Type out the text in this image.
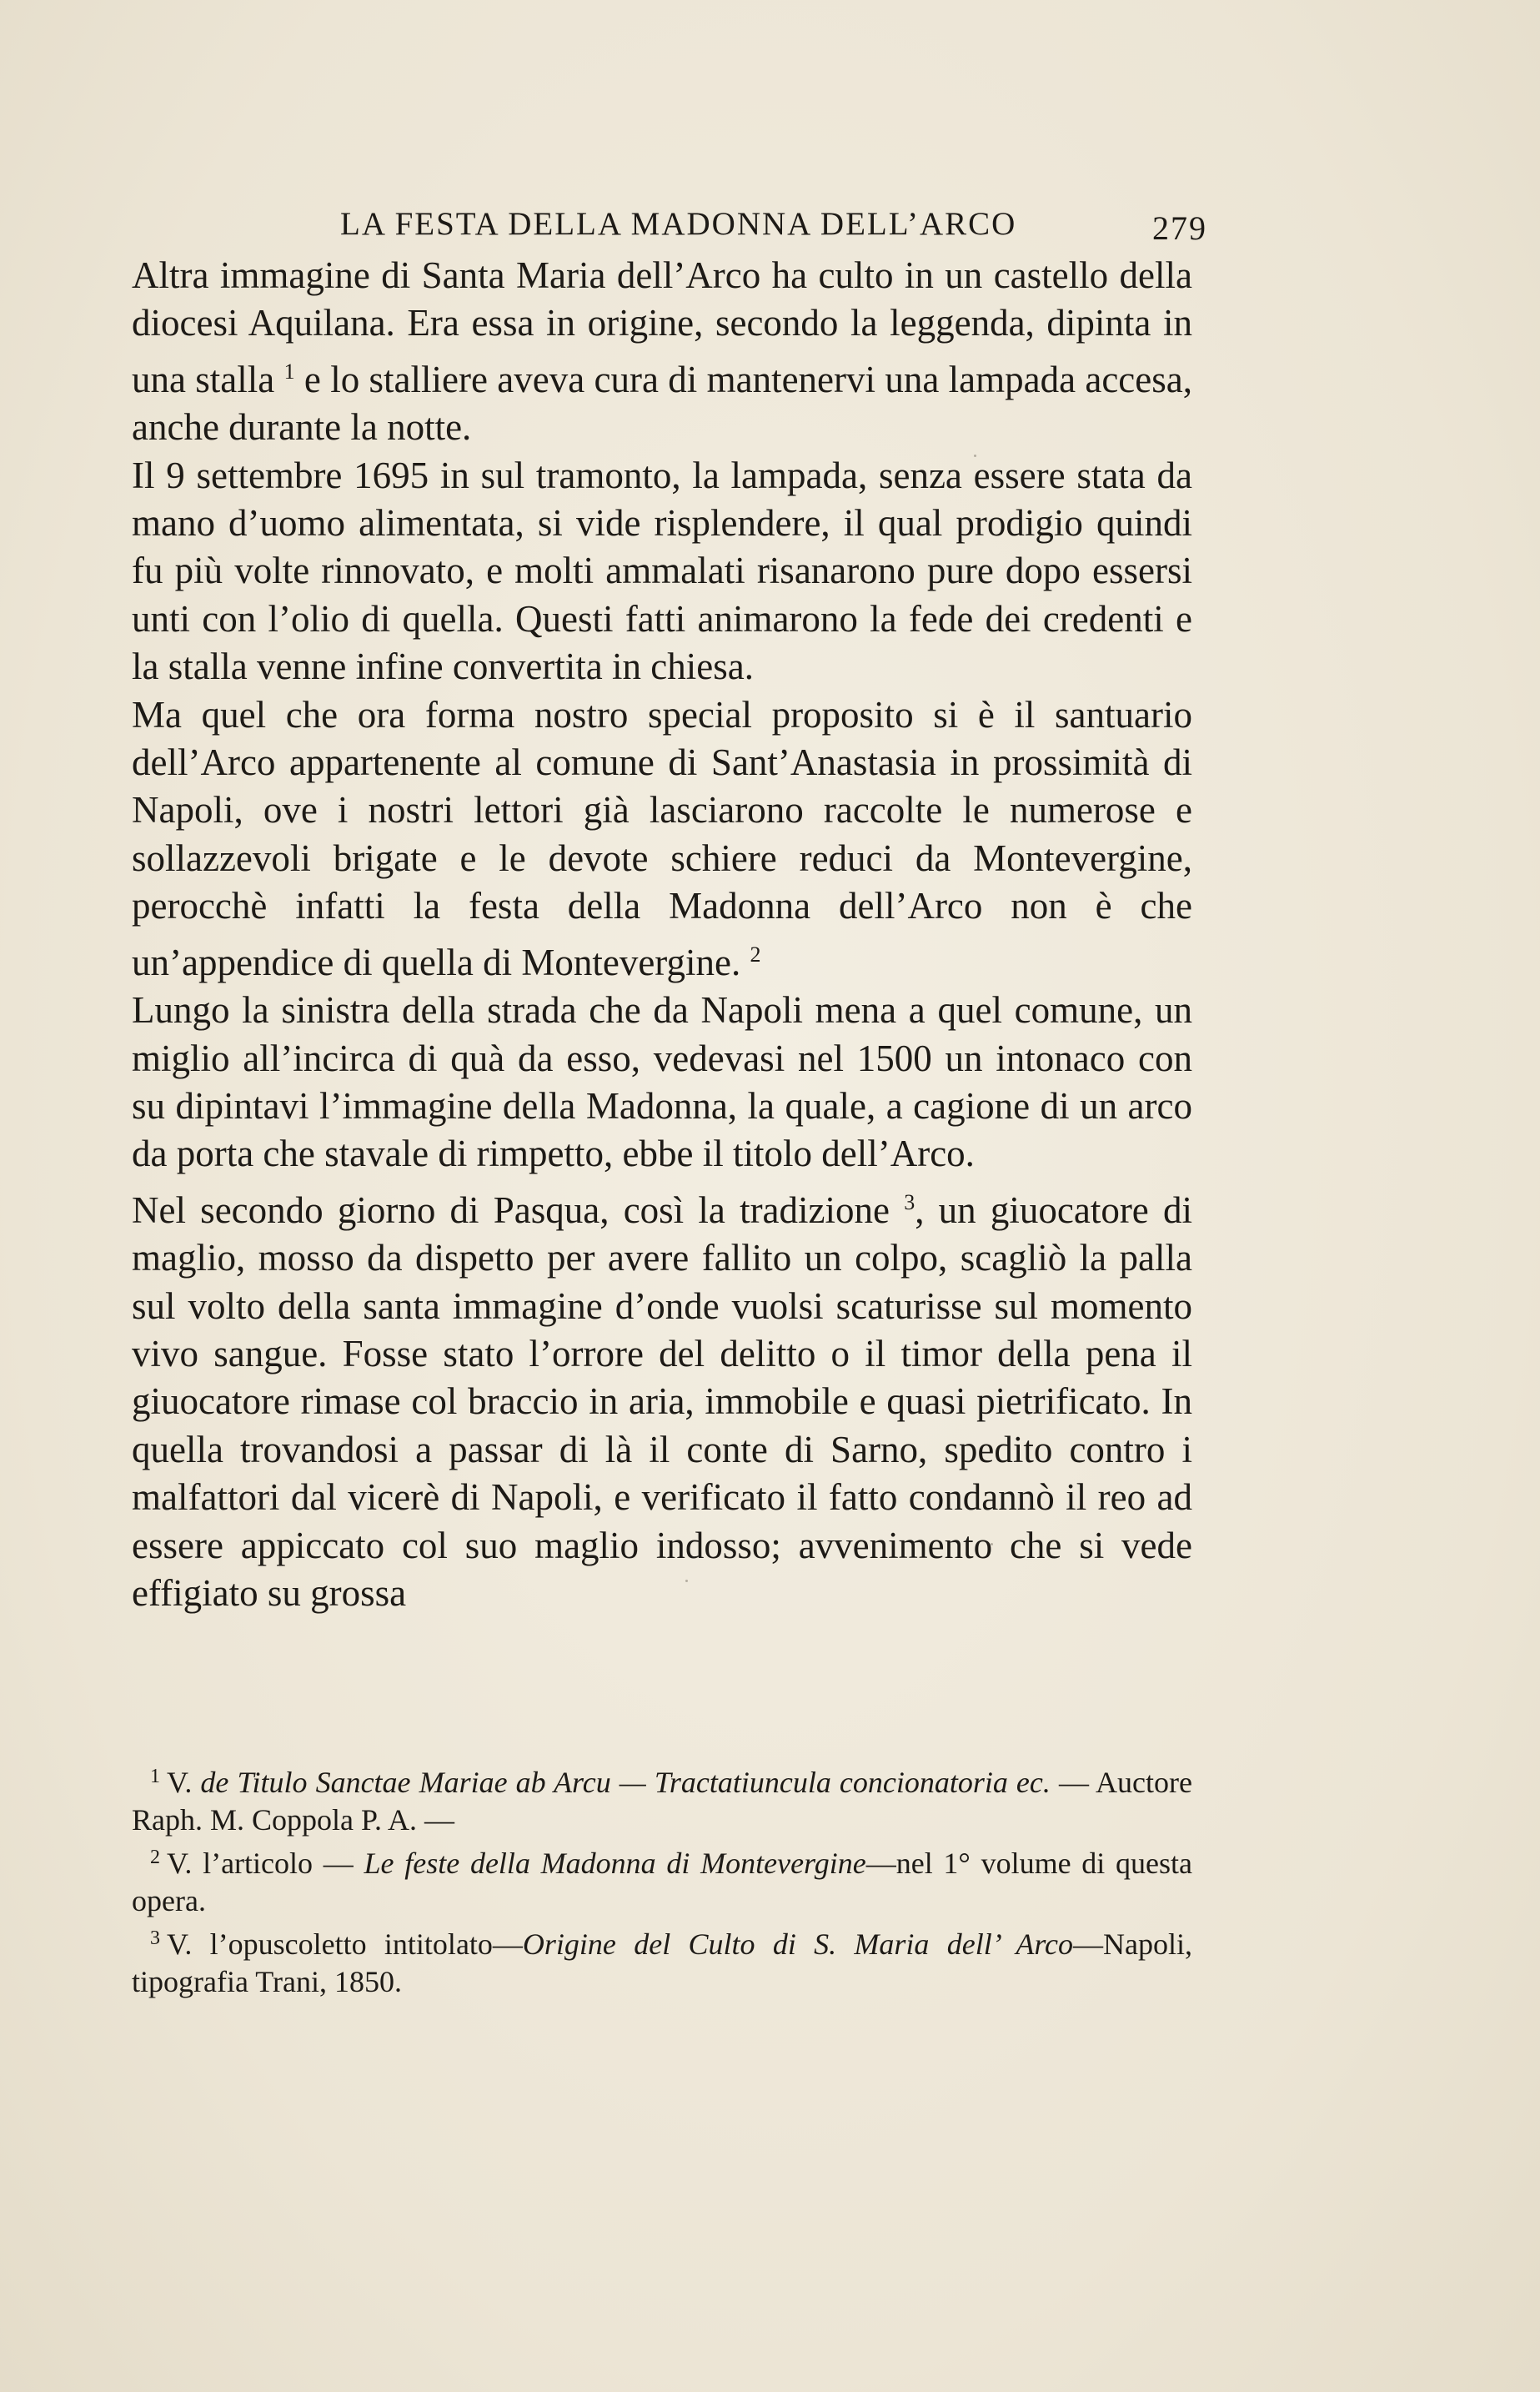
LA FESTA DELLA MADONNA DELL’ARCO	279

Altra immagine di Santa Maria dell’Arco ha culto in un castello della diocesi Aquilana. Era essa in origine, secondo la leggenda, dipinta in una stalla $^1$ e lo stalliere aveva cura di mantenervi una lampada accesa, anche durante la notte.

Il 9 settembre 1695 in sul tramonto, la lampada, senza essere stata da mano d’uomo alimentata, si vide risplendere, il qual prodigio quindi fu più volte rinnovato, e molti ammalati risanarono pure dopo essersi unti con l’olio di quella. Questi fatti animarono la fede dei credenti e la stalla venne infine convertita in chiesa.

Ma quel che ora forma nostro special proposito si è il santuario dell’Arco appartenente al comune di Sant’Anastasia in prossimità di Napoli, ove i nostri lettori già lasciarono raccolte le numerose e sollazzevoli brigate e le devote schiere reduci da Montevergine, perocchè infatti la festa della Madonna dell’Arco non è che un’appendice di quella di Montevergine. $^2$

Lungo la sinistra della strada che da Napoli mena a quel comune, un miglio all’incirca di quà da esso, vedevasi nel 1500 un intonaco con su dipintavi l’immagine della Madonna, la quale, a cagione di un arco da porta che stavale di rimpetto, ebbe il titolo dell’Arco.

Nel secondo giorno di Pasqua, così la tradizione $^3$, un giuocatore di maglio, mosso da dispetto per avere fallito un colpo, scagliò la palla sul volto della santa immagine d’onde vuolsi scaturisse sul momento vivo sangue. Fosse stato l’orrore del delitto o il timor della pena il giuocatore rimase col braccio in aria, immobile e quasi pietrificato. In quella trovandosi a passar di là il conte di Sarno, spedito contro i malfattori dal vicerè di Napoli, e verificato il fatto condannò il reo ad essere appiccato col suo maglio indosso; avvenimento che si vede effigiato su grossa

$^1$ V. de Titulo Sanctae Mariae ab Arcu — Tractatiuncula concionatoria ec. — Auctore Raph. M. Coppola P. A. —

$^2$ V. l’articolo — Le feste della Madonna di Montevergine—nel 1° volume di questa opera.

$^3$ V. l’opuscoletto intitolato—Origine del Culto di S. Maria dell’ Arco—Napoli, tipografia Trani, 1850.
